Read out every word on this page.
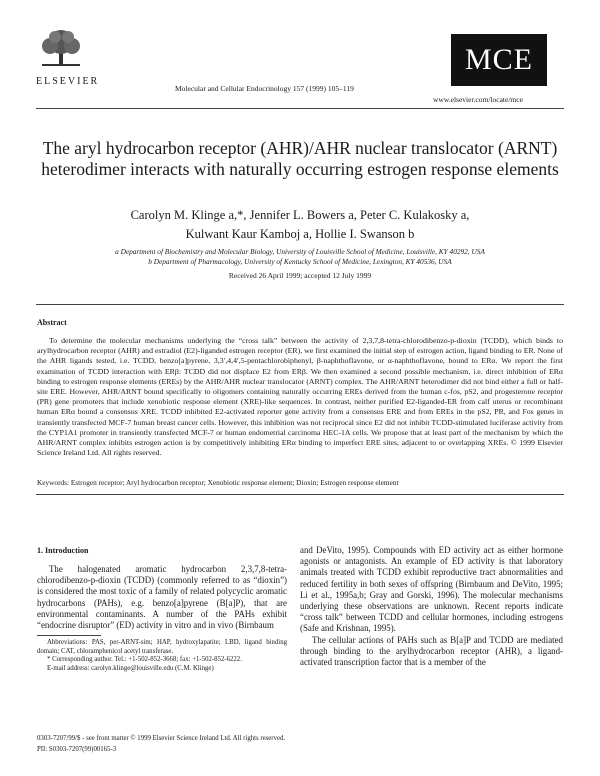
ELSEVIER
Molecular and Cellular Endocrinology 157 (1999) 105–119
MCE
www.elsevier.com/locate/mce
The aryl hydrocarbon receptor (AHR)/AHR nuclear translocator (ARNT) heterodimer interacts with naturally occurring estrogen response elements
Carolyn M. Klinge a,*, Jennifer L. Bowers a, Peter C. Kulakosky a,
Kulwant Kaur Kamboj a, Hollie I. Swanson b
a Department of Biochemistry and Molecular Biology, University of Louisville School of Medicine, Louisville, KY 40292, USA
b Department of Pharmacology, University of Kentucky School of Medicine, Lexington, KY 40536, USA
Received 26 April 1999; accepted 12 July 1999
Abstract
To determine the molecular mechanisms underlying the “cross talk” between the activity of 2,3,7,8-tetra-chlorodibenzo-p-dioxin (TCDD), which binds to arylhydrocarbon receptor (AHR) and estradiol (E2)-liganded estrogen receptor (ER), we first examined the initial step of estrogen action, ligand binding to ER. None of the AHR ligands tested, i.e. TCDD, benzo[a]pyrene, 3,3′,4,4′,5-pentachlorobiphenyl, β-naphthoflavone, or α-naphthoflavone, bound to ERα. We report the first examination of TCDD interaction with ERβ: TCDD did not displace E2 from ERβ. We then examined a second possible mechanism, i.e. direct inhibition of ERα binding to estrogen response elements (EREs) by the AHR/AHR nuclear translocator (ARNT) complex. The AHR/ARNT heterodimer did not bind either a full or half-site ERE. However, AHR/ARNT bound specifically to oligomers containing naturally occurring EREs derived from the human c-fos, pS2, and progesterone receptor (PR) gene promoters that include xenobiotic response element (XRE)-like sequences. In contrast, neither purified E2-liganded-ER from calf uterus or recombinant human ERα bound a consensus XRE. TCDD inhibited E2-activated reporter gene activity from a consensus ERE and from EREs in the pS2, PR, and Fos genes in transiently transfected MCF-7 human breast cancer cells. However, this inhibition was not reciprocal since E2 did not inhibit TCDD-stimulated luciferase activity from the CYP1A1 promoter in transiently transfected MCF-7 or human endometrial carcinoma HEC-1A cells. We propose that at least part of the mechanism by which the AHR/ARNT complex inhibits estrogen action is by competitively inhibiting ERα binding to imperfect ERE sites, adjacent to or overlapping XREs. © 1999 Elsevier Science Ireland Ltd. All rights reserved.
Keywords: Estrogen receptor; Aryl hydrocarbon receptor; Xenobiotic response element; Dioxin; Estrogen response element
1. Introduction
The halogenated aromatic hydrocarbon 2,3,7,8-tetra-chlorodibenzo-p-dioxin (TCDD) (commonly referred to as “dioxin”) is considered the most toxic of a family of related polycyclic aromatic hydrocarbons (PAHs), e.g. benzo[a]pyrene (B[a]P), that are environmental contaminants. A number of the PAHs exhibit “endocrine disruptor” (ED) activity in vitro and in vivo (Birnbaum

and DeVito, 1995). Compounds with ED activity act as either hormone agonists or antagonists. An example of ED activity is that laboratory animals treated with TCDD exhibit reproductive tract abnormalities and reduced fertility in both sexes of offspring (Birnbaum and DeVito, 1995; Li et al., 1995a,b; Gray and Gorski, 1996). The molecular mechanisms underlying these observations are unknown. Recent reports indicate “cross talk” between TCDD and cellular hormones, including estrogens (Safe and Krishnan, 1995).

The cellular actions of PAHs such as B[a]P and TCDD are mediated through binding to the arylhydrocarbon receptor (AHR), a ligand-activated transcription factor that is a member of the

Abbreviations: PAS, per-ARNT-sim; HAP, hydroxylapatite; LBD, ligand binding domain; CAT, chloramphenicol acetyl transferase.

* Corresponding author. Tel.: +1-502-852-3668; fax: +1-502-852-6222.

E-mail address: carolyn.klinge@louisville.edu (C.M. Klinge)

0303-7207/99/$ - see front matter © 1999 Elsevier Science Ireland Ltd. All rights reserved.
PII: S0303-7207(99)00165-3
